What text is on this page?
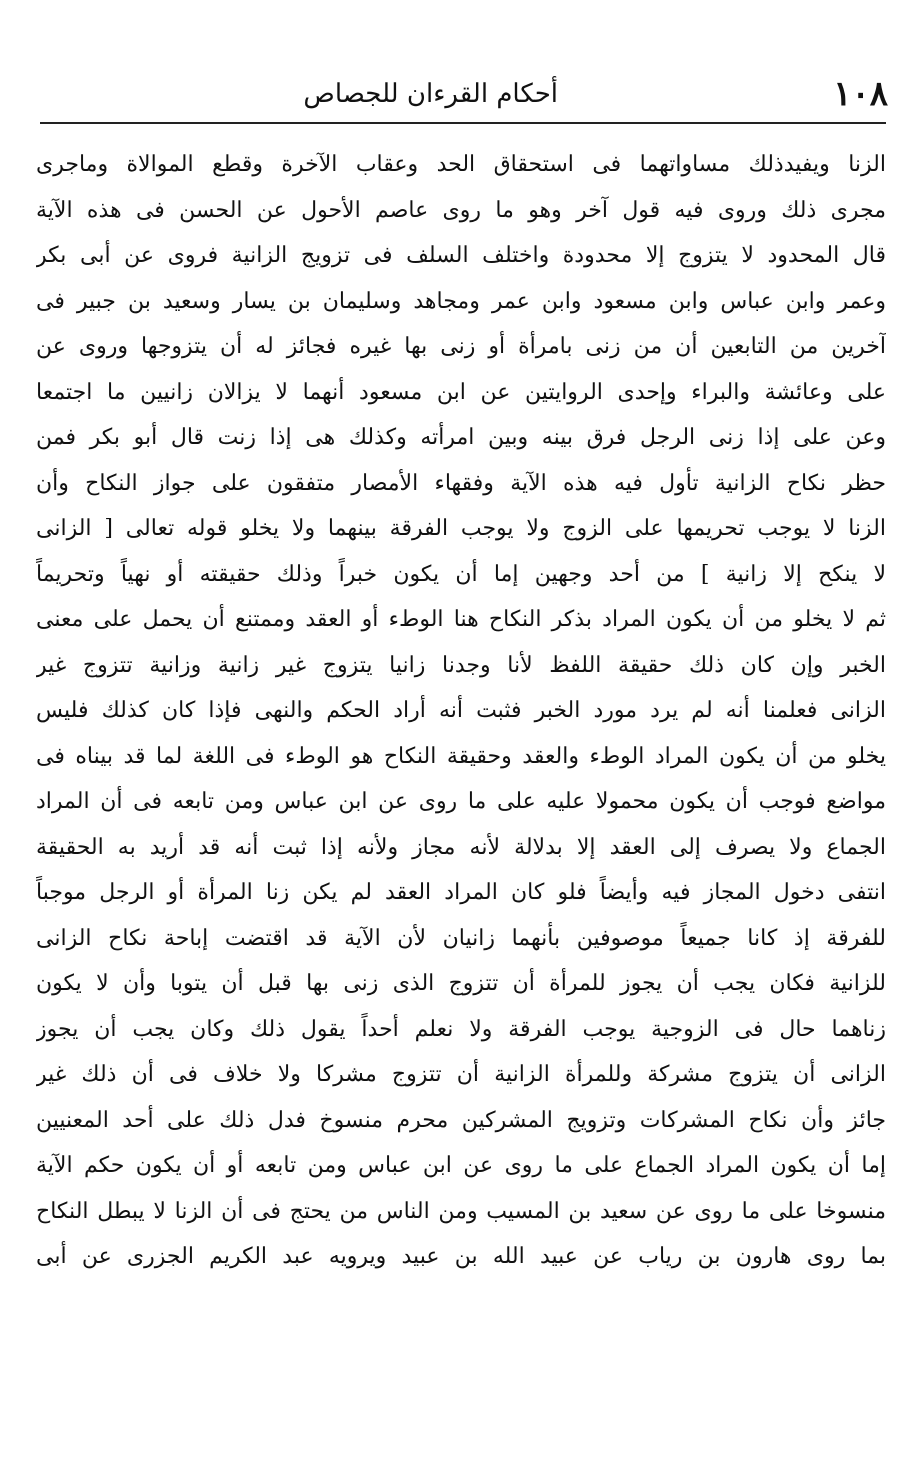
١٠٨
أحكام القرءان للجصاص
الزنا ويفيدذلك مساواتهما فى استحقاق الحد وعقاب الآخرة وقطع الموالاة وماجرى
مجرى ذلك وروى فيه قول آخر وهو ما روى عاصم الأحول عن الحسن فى هذه الآية
قال المحدود لا يتزوج إلا محدودة واختلف السلف فى تزويج الزانية فروى عن أبى بكر
وعمر وابن عباس وابن مسعود وابن عمر ومجاهد وسليمان بن يسار وسعيد بن جبير فى
آخرين من التابعين أن من زنى بامرأة أو زنى بها غيره فجائز له أن يتزوجها وروى عن
على وعائشة والبراء وإحدى الروايتين عن ابن مسعود أنهما لا يزالان زانيين ما اجتمعا
وعن على إذا زنى الرجل فرق بينه وبين امرأته وكذلك هى إذا زنت قال أبو بكر فمن
حظر نكاح الزانية تأول فيه هذه الآية وفقهاء الأمصار متفقون على جواز النكاح وأن
الزنا لا يوجب تحريمها على الزوج ولا يوجب الفرقة بينهما ولا يخلو قوله تعالى [ الزانى
لا ينكح إلا زانية ] من أحد وجهين إما أن يكون خبراً وذلك حقيقته أو نهياً وتحريماً
ثم لا يخلو من أن يكون المراد بذكر النكاح هنا الوطء أو العقد وممتنع أن يحمل على معنى
الخبر وإن كان ذلك حقيقة اللفظ لأنا وجدنا زانيا يتزوج غير زانية وزانية تتزوج غير
الزانى فعلمنا أنه لم يرد مورد الخبر فثبت أنه أراد الحكم والنهى فإذا كان كذلك فليس
يخلو من أن يكون المراد الوطء والعقد وحقيقة النكاح هو الوطء فى اللغة لما قد بيناه فى
مواضع فوجب أن يكون محمولا عليه على ما روى عن ابن عباس ومن تابعه فى أن المراد
الجماع ولا يصرف إلى العقد إلا بدلالة لأنه مجاز ولأنه إذا ثبت أنه قد أريد به الحقيقة
انتفى دخول المجاز فيه وأيضاً فلو كان المراد العقد لم يكن زنا المرأة أو الرجل موجباً
للفرقة إذ كانا جميعاً موصوفين بأنهما زانيان لأن الآية قد اقتضت إباحة نكاح الزانى
للزانية فكان يجب أن يجوز للمرأة أن تتزوج الذى زنى بها قبل أن يتوبا وأن لا يكون
زناهما حال فى الزوجية يوجب الفرقة ولا نعلم أحداً يقول ذلك وكان يجب أن يجوز
الزانى أن يتزوج مشركة وللمرأة الزانية أن تتزوج مشركا ولا خلاف فى أن ذلك غير
جائز وأن نكاح المشركات وتزويج المشركين محرم منسوخ فدل ذلك على أحد المعنيين
إما أن يكون المراد الجماع على ما روى عن ابن عباس ومن تابعه أو أن يكون حكم الآية
منسوخا على ما روى عن سعيد بن المسيب ومن الناس من يحتج فى أن الزنا لا يبطل النكاح
بما روى هارون بن رياب عن عبيد الله بن عبيد ويرويه عبد الكريم الجزرى عن أبى
